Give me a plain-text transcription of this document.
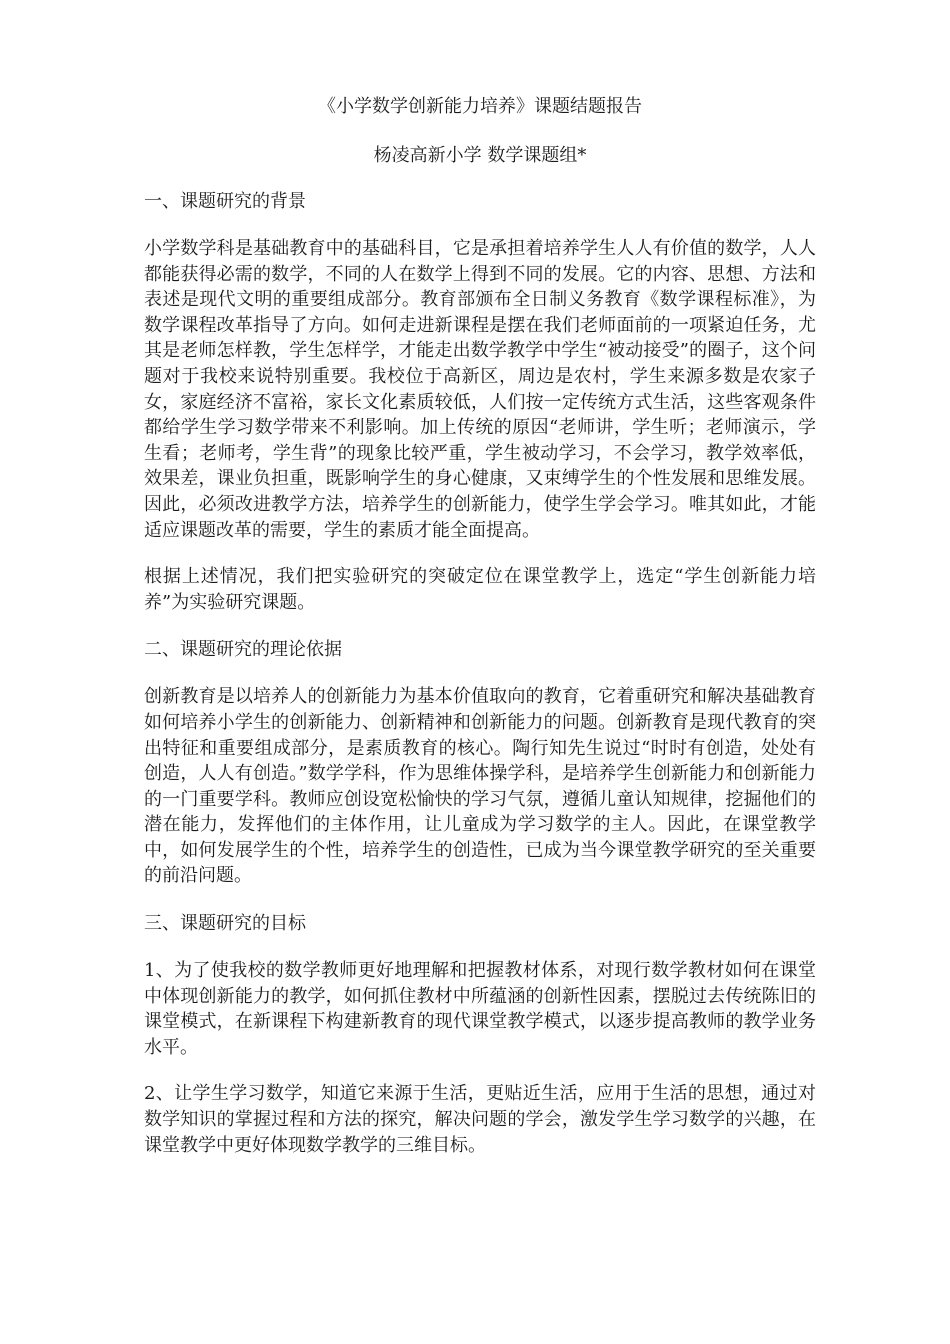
《小学数学创新能力培养》课题结题报告

杨凌高新小学 数学课题组*

一、课题研究的背景

小学数学科是基础教育中的基础科目，它是承担着培养学生人人有价值的数学，人人都能获得必需的数学，不同的人在数学上得到不同的发展。它的内容、思想、方法和表述是现代文明的重要组成部分。教育部颁布全日制义务教育《数学课程标准》，为数学课程改革指导了方向。如何走进新课程是摆在我们老师面前的一项紧迫任务，尤其是老师怎样教，学生怎样学，才能走出数学教学中学生“被动接受”的圈子，这个问题对于我校来说特别重要。我校位于高新区，周边是农村，学生来源多数是农家子女，家庭经济不富裕，家长文化素质较低，人们按一定传统方式生活，这些客观条件都给学生学习数学带来不利影响。加上传统的原因“老师讲，学生听；老师演示，学生看；老师考，学生背”的现象比较严重，学生被动学习，不会学习，教学效率低，效果差，课业负担重，既影响学生的身心健康，又束缚学生的个性发展和思维发展。因此，必须改进教学方法，培养学生的创新能力，使学生学会学习。唯其如此，才能适应课题改革的需要，学生的素质才能全面提高。

根据上述情况，我们把实验研究的突破定位在课堂教学上，选定“学生创新能力培养”为实验研究课题。

二、课题研究的理论依据

创新教育是以培养人的创新能力为基本价值取向的教育，它着重研究和解决基础教育如何培养小学生的创新能力、创新精神和创新能力的问题。创新教育是现代教育的突出特征和重要组成部分，是素质教育的核心。陶行知先生说过“时时有创造，处处有创造，人人有创造。”数学学科，作为思维体操学科，是培养学生创新能力和创新能力的一门重要学科。教师应创设宽松愉快的学习气氛，遵循儿童认知规律，挖掘他们的潜在能力，发挥他们的主体作用，让儿童成为学习数学的主人。因此，在课堂教学中，如何发展学生的个性，培养学生的创造性，已成为当今课堂教学研究的至关重要的前沿问题。

三、课题研究的目标

1、为了使我校的数学教师更好地理解和把握教材体系，对现行数学教材如何在课堂中体现创新能力的教学，如何抓住教材中所蕴涵的创新性因素，摆脱过去传统陈旧的课堂模式，在新课程下构建新教育的现代课堂教学模式，以逐步提高教师的教学业务水平。

2、让学生学习数学，知道它来源于生活，更贴近生活，应用于生活的思想，通过对数学知识的掌握过程和方法的探究，解决问题的学会，激发学生学习数学的兴趣，在课堂教学中更好体现数学教学的三维目标。
